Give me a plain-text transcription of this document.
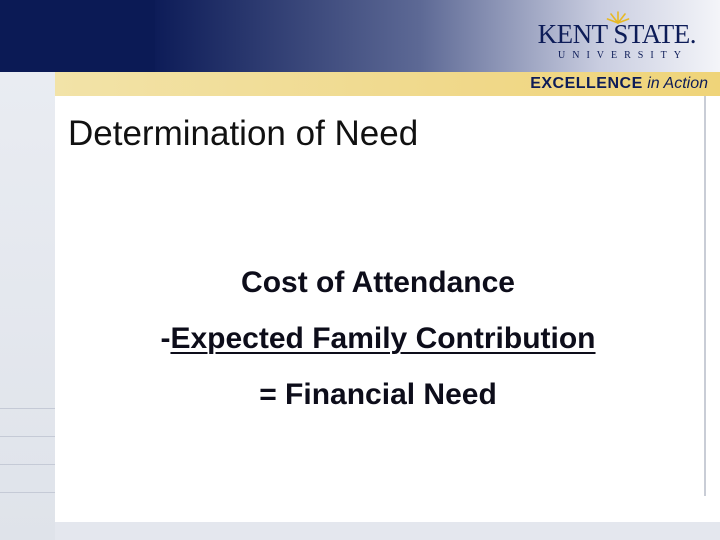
KENT STATE.
UNIVERSITY
EXCELLENCE in Action
Determination of Need
Cost of Attendance
-Expected Family Contribution
= Financial Need
